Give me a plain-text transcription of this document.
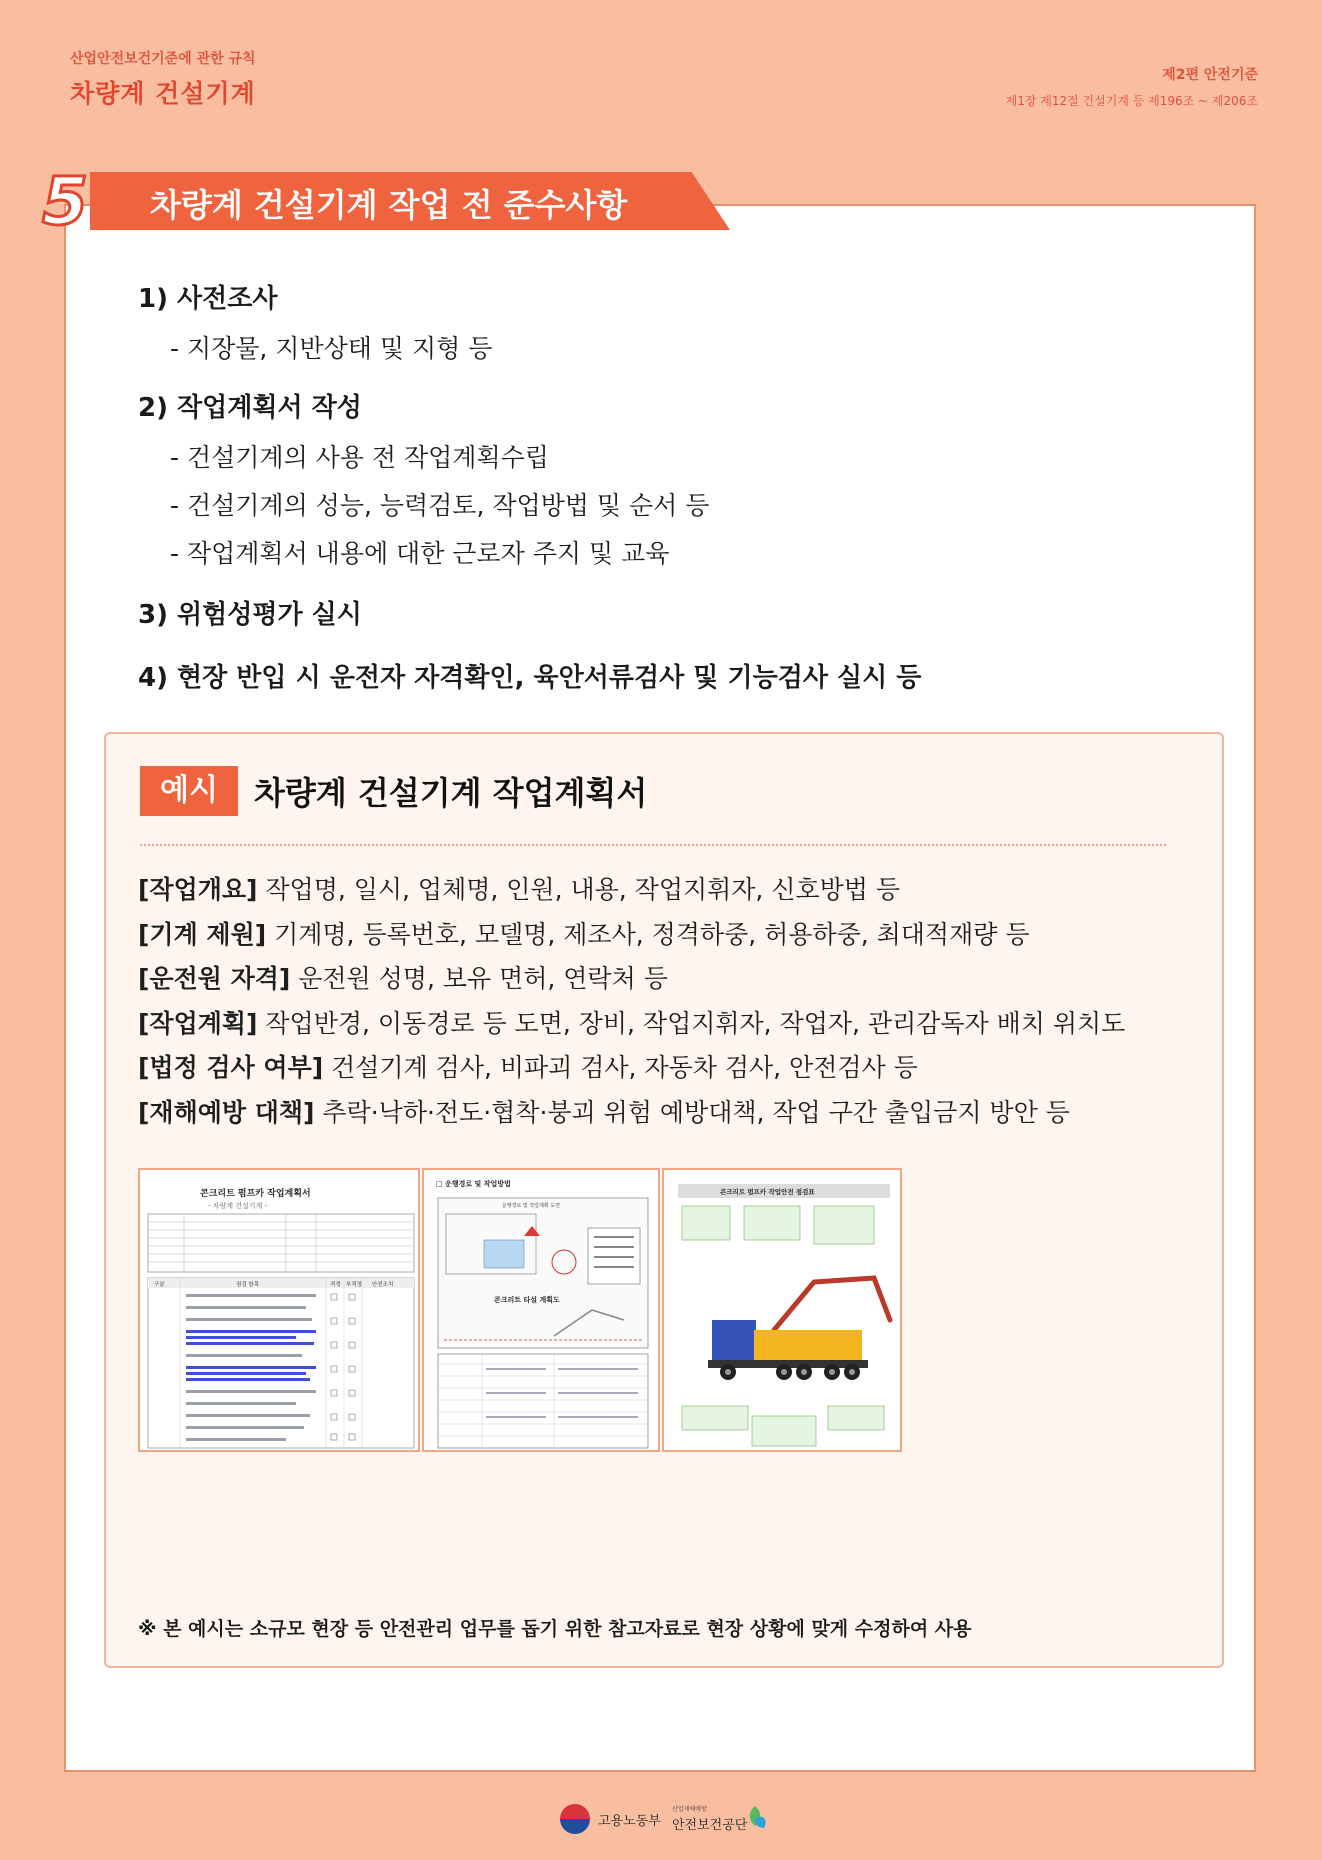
산업안전보건기준에 관한 규칙
차량계 건설기계
제2편 안전기준
제1장 제12절 건설기계 등 제196조 ~ 제206조
5 차량계 건설기계 작업 전 준수사항
1) 사전조사
- 지장물, 지반상태 및 지형 등
2) 작업계획서 작성
- 건설기계의 사용 전 작업계획수립
- 건설기계의 성능, 능력검토, 작업방법 및 순서 등
- 작업계획서 내용에 대한 근로자 주지 및 교육
3) 위험성평가 실시
4) 현장 반입 시 운전자 자격확인, 육안서류검사 및 기능검사 실시 등
예시	차량계 건설기계 작업계획서
[작업개요] 작업명, 일시, 업체명, 인원, 내용, 작업지휘자, 신호방법 등
[기계 제원] 기계명, 등록번호, 모델명, 제조사, 정격하중, 허용하중, 최대적재량 등
[운전원 자격] 운전원 성명, 보유 면허, 연락처 등
[작업계획] 작업반경, 이동경로 등 도면, 장비, 작업지휘자, 작업자, 관리감독자 배치 위치도
[법정 검사 여부] 건설기계 검사, 비파괴 검사, 자동차 검사, 안전검사 등
[재해예방 대책] 추락·낙하·전도·협착·붕괴 위험 예방대책, 작업 구간 출입금지 방안 등
콘크리트 펌프카 작업계획서
- 차량계 건설기계 -
구분	점검 항목	적정 부적정 안전조치
□ 운행경로 및 작업방법
운행경로 및 작업계획 도면
콘크리트 타설 계획도
콘크리트 펌프카 작업안전 점검표
※ 본 예시는 소규모 현장 등 안전관리 업무를 돕기 위한 참고자료로 현장 상황에 맞게 수정하여 사용
고용노동부
산업재해예방
안전보건공단
